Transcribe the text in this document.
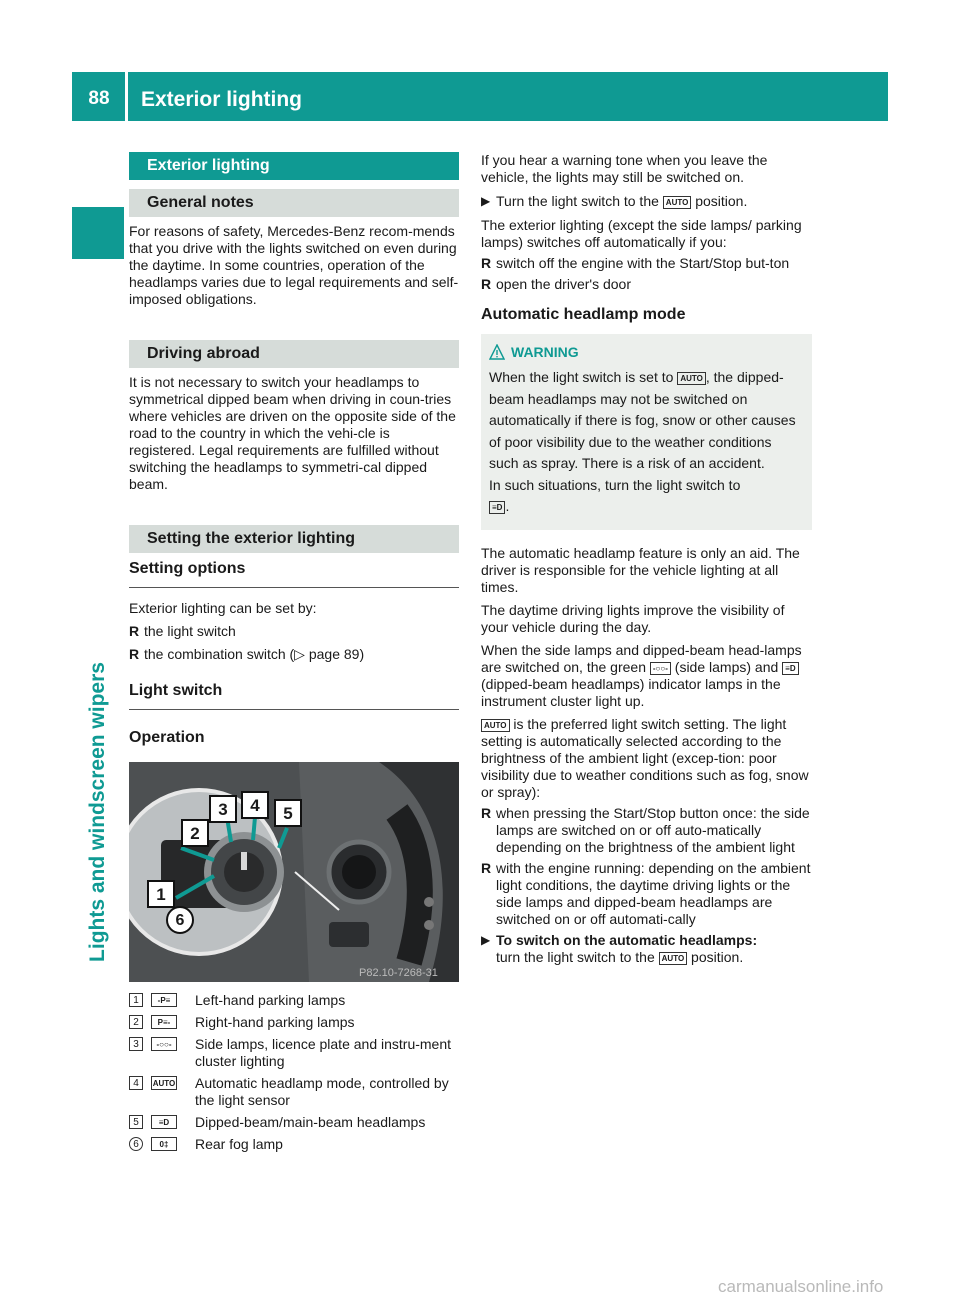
88	Exterior lighting
Lights and windscreen wipers
Exterior lighting
General notes
For reasons of safety, Mercedes-Benz recom-mends that you drive with the lights switched on even during the daytime. In some countries, operation of the headlamps varies due to legal requirements and self-imposed obligations.
Driving abroad
It is not necessary to switch your headlamps to symmetrical dipped beam when driving in coun-tries where vehicles are driven on the opposite side of the road to the country in which the vehi-cle is registered. Legal requirements are fulfilled without switching the headlamps to symmetri-cal dipped beam.
Setting the exterior lighting
Setting options
Exterior lighting can be set by:
R the light switch
R the combination switch (▷ page 89)
Light switch
Operation
P82.10-7268-31
1
2
3	4	5
6
1	-P≡	Left-hand parking lamps
2	P≡-	Right-hand parking lamps
3	-○○-	Side lamps, licence plate and instru-ment cluster lighting
4	AUTO Automatic headlamp mode, controlled by the light sensor
5	≡D	Dipped-beam/main-beam headlamps
6	0‡	Rear fog lamp
If you hear a warning tone when you leave the vehicle, the lights may still be switched on.
▶ Turn the light switch to the AUTO position.
The exterior lighting (except the side lamps/ parking lamps) switches off automatically if you:
R switch off the engine with the Start/Stop but-ton
R open the driver's door
Automatic headlamp mode
WARNING
When the light switch is set to AUTO , the dipped-beam headlamps may not be switched on automatically if there is fog, snow or other causes of poor visibility due to the weather conditions such as spray. There is a risk of an accident.
In such situations, turn the light switch to
≡D .
The automatic headlamp feature is only an aid. The driver is responsible for the vehicle lighting at all times.
The daytime driving lights improve the visibility of your vehicle during the day.
When the side lamps and dipped-beam head-lamps are switched on, the green -○○- (side lamps) and ≡D (dipped-beam headlamps) indicator lamps in the instrument cluster light up.
AUTO is the preferred light switch setting. The light setting is automatically selected according to the brightness of the ambient light (excep-tion: poor visibility due to weather conditions such as fog, snow or spray):
R when pressing the Start/Stop button once: the side lamps are switched on or off auto-matically depending on the brightness of the ambient light
R with the engine running: depending on the ambient light conditions, the daytime driving lights or the side lamps and dipped-beam headlamps are switched on or off automati-cally
▶ To switch on the automatic headlamps:
turn the light switch to the AUTO position.
carmanualsonline.info
